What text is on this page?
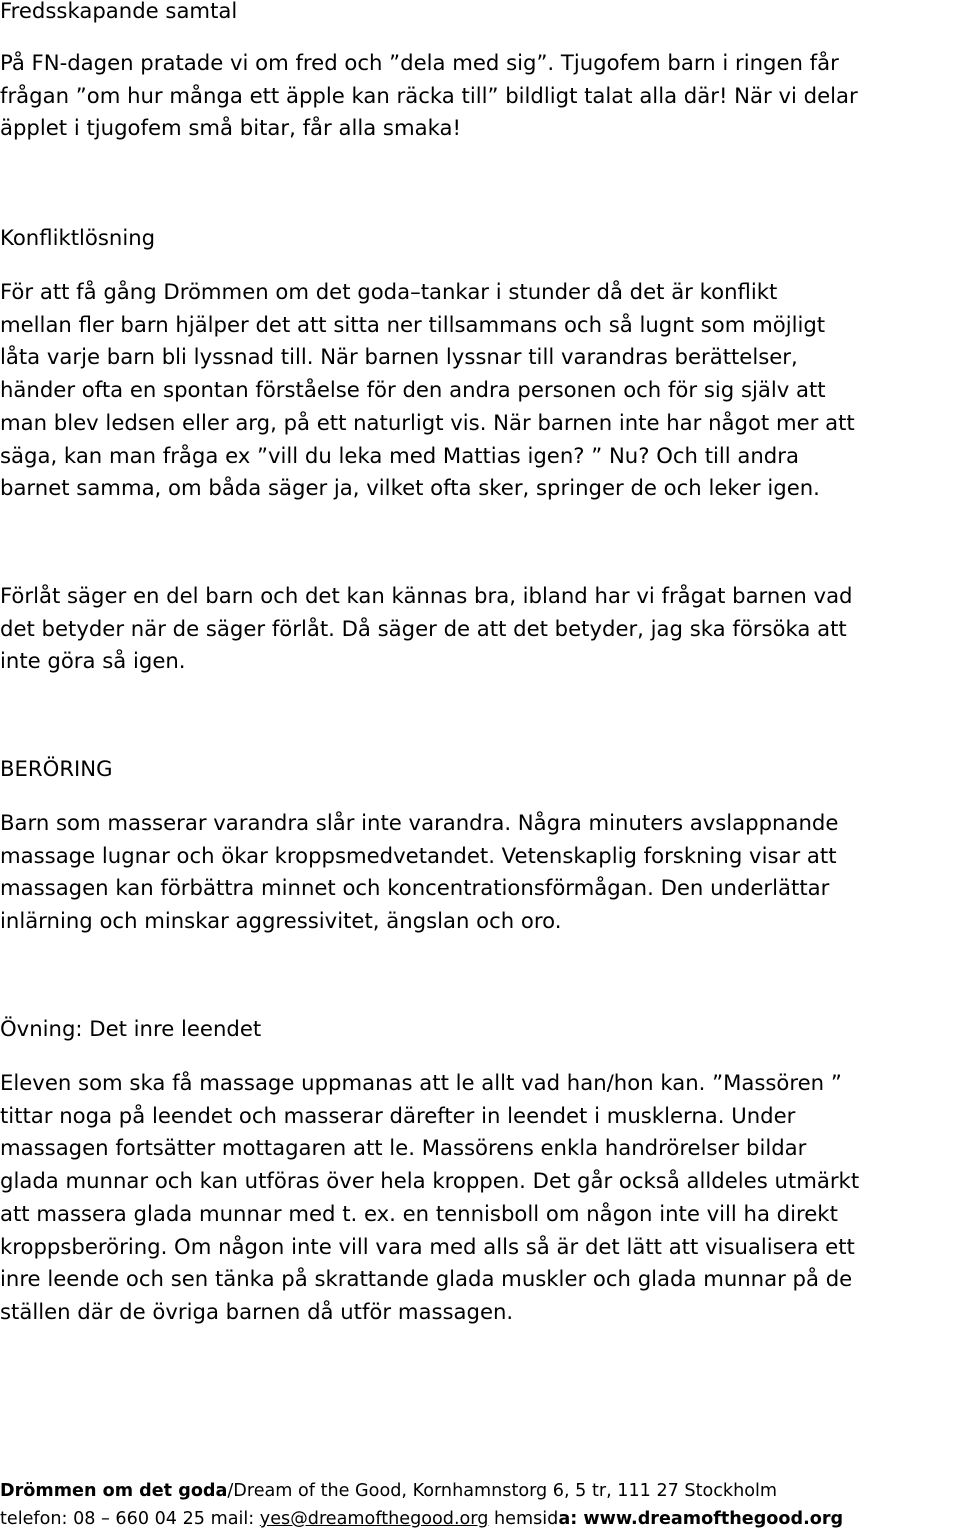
Fredsskapande samtal

På FN-dagen pratade vi om fred och ”dela med sig”. Tjugofem barn i ringen får
frågan ”om hur många ett äpple kan räcka till” bildligt talat alla där! När vi delar
äpplet i tjugofem små bitar, får alla smaka!

Konfliktlösning

För att få gång Drömmen om det goda–tankar i stunder då det är konflikt
mellan fler barn hjälper det att sitta ner tillsammans och så lugnt som möjligt
låta varje barn bli lyssnad till. När barnen lyssnar till varandras berättelser,
händer ofta en spontan förståelse för den andra personen och för sig själv att
man blev ledsen eller arg, på ett naturligt vis. När barnen inte har något mer att
säga, kan man fråga ex ”vill du leka med Mattias igen? ” Nu? Och till andra
barnet samma, om båda säger ja, vilket ofta sker, springer de och leker igen.
Förlåt säger en del barn och det kan kännas bra, ibland har vi frågat barnen vad
det betyder när de säger förlåt. Då säger de att det betyder, jag ska försöka att
inte göra så igen.

BERÖRING

Barn som masserar varandra slår inte varandra. Några minuters avslappnande
massage lugnar och ökar kroppsmedvetandet. Vetenskaplig forskning visar att
massagen kan förbättra minnet och koncentrationsförmågan. Den underlättar
inlärning och minskar aggressivitet, ängslan och oro.

Övning: Det inre leendet

Eleven som ska få massage uppmanas att le allt vad han/hon kan. ”Massören ”
tittar noga på leendet och masserar därefter in leendet i musklerna. Under
massagen fortsätter mottagaren att le. Massörens enkla handrörelser bildar
glada munnar och kan utföras över hela kroppen. Det går också alldeles utmärkt
att massera glada munnar med t. ex. en tennisboll om någon inte vill ha direkt
kroppsberöring. Om någon inte vill vara med alls så är det lätt att visualisera ett
inre leende och sen tänka på skrattande glada muskler och glada munnar på de
ställen där de övriga barnen då utför massagen.
Drömmen om det goda/Dream of the Good, Kornhamnstorg 6, 5 tr, 111 27 Stockholm
telefon: 08 – 660 04 25 mail: yes@dreamofthegood.org hemsida: www.dreamofthegood.org
